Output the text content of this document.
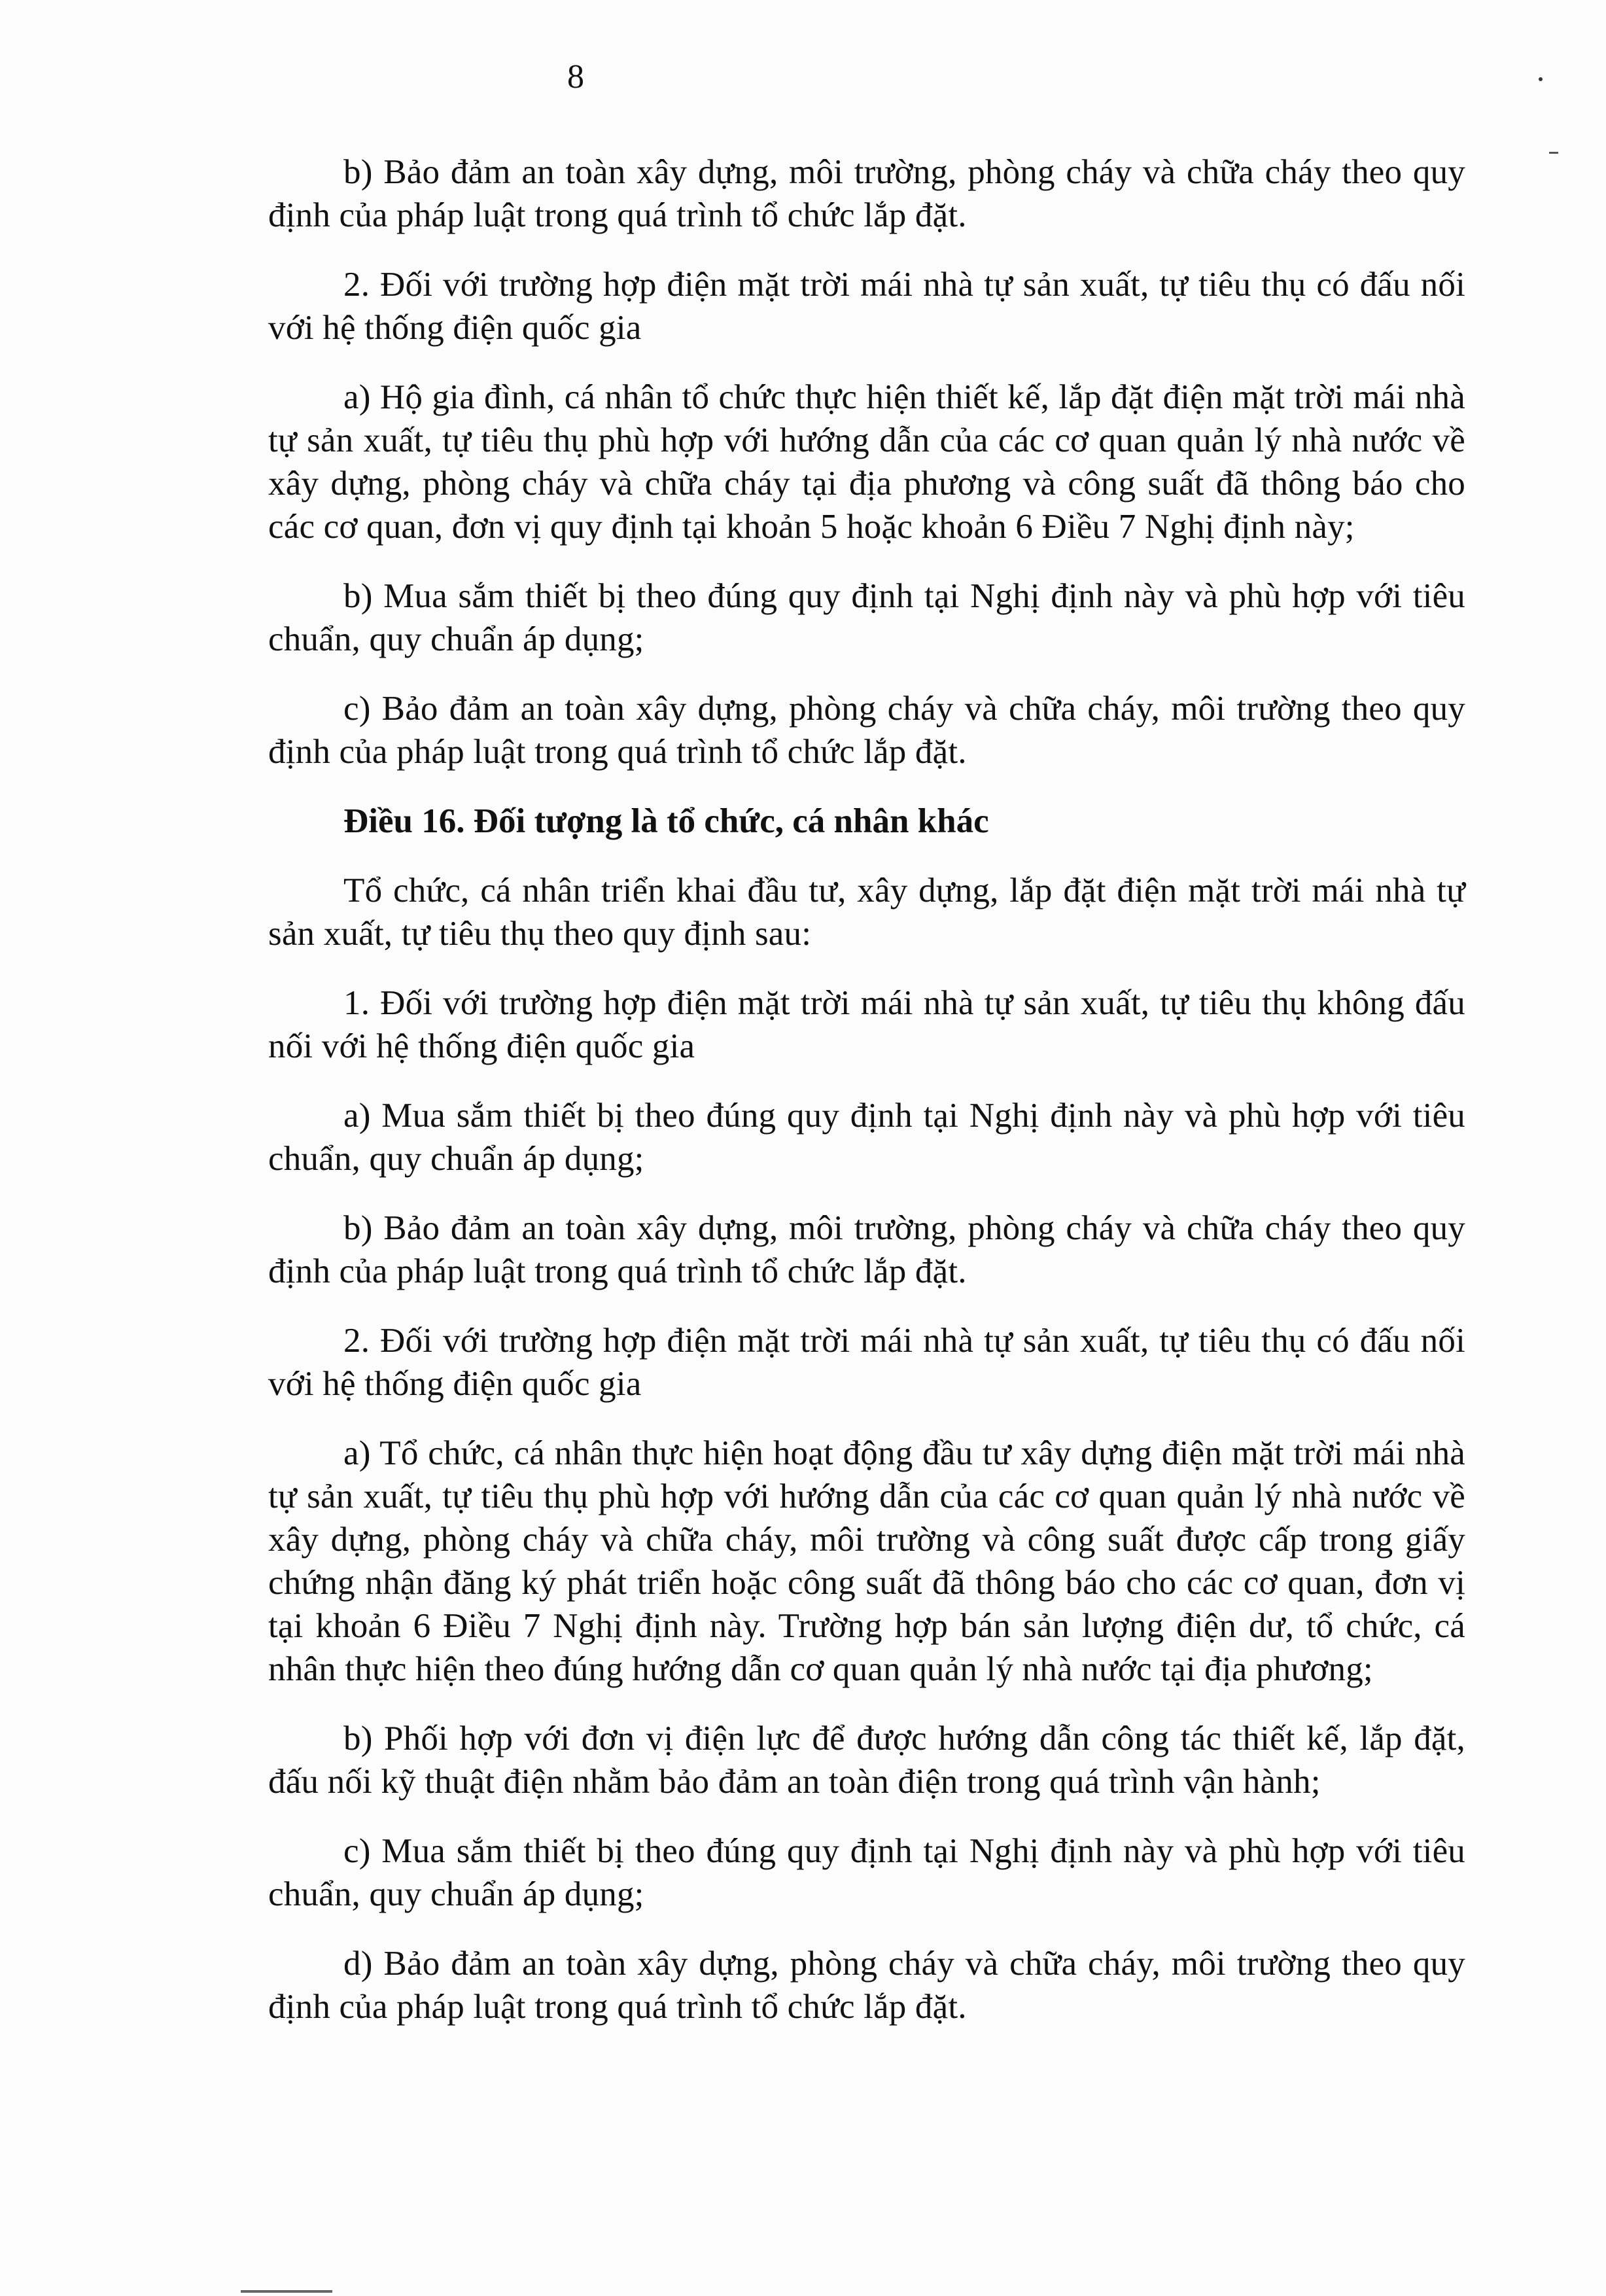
8

b) Bảo đảm an toàn xây dựng, môi trường, phòng cháy và chữa cháy theo quy định của pháp luật trong quá trình tổ chức lắp đặt.

2. Đối với trường hợp điện mặt trời mái nhà tự sản xuất, tự tiêu thụ có đấu nối với hệ thống điện quốc gia

a) Hộ gia đình, cá nhân tổ chức thực hiện thiết kế, lắp đặt điện mặt trời mái nhà tự sản xuất, tự tiêu thụ phù hợp với hướng dẫn của các cơ quan quản lý nhà nước về xây dựng, phòng cháy và chữa cháy tại địa phương và công suất đã thông báo cho các cơ quan, đơn vị quy định tại khoản 5 hoặc khoản 6 Điều 7 Nghị định này;

b) Mua sắm thiết bị theo đúng quy định tại Nghị định này và phù hợp với tiêu chuẩn, quy chuẩn áp dụng;

c) Bảo đảm an toàn xây dựng, phòng cháy và chữa cháy, môi trường theo quy định của pháp luật trong quá trình tổ chức lắp đặt.

Điều 16. Đối tượng là tổ chức, cá nhân khác

Tổ chức, cá nhân triển khai đầu tư, xây dựng, lắp đặt điện mặt trời mái nhà tự sản xuất, tự tiêu thụ theo quy định sau:

1. Đối với trường hợp điện mặt trời mái nhà tự sản xuất, tự tiêu thụ không đấu nối với hệ thống điện quốc gia

a) Mua sắm thiết bị theo đúng quy định tại Nghị định này và phù hợp với tiêu chuẩn, quy chuẩn áp dụng;

b) Bảo đảm an toàn xây dựng, môi trường, phòng cháy và chữa cháy theo quy định của pháp luật trong quá trình tổ chức lắp đặt.

2. Đối với trường hợp điện mặt trời mái nhà tự sản xuất, tự tiêu thụ có đấu nối với hệ thống điện quốc gia

a) Tổ chức, cá nhân thực hiện hoạt động đầu tư xây dựng điện mặt trời mái nhà tự sản xuất, tự tiêu thụ phù hợp với hướng dẫn của các cơ quan quản lý nhà nước về xây dựng, phòng cháy và chữa cháy, môi trường và công suất được cấp trong giấy chứng nhận đăng ký phát triển hoặc công suất đã thông báo cho các cơ quan, đơn vị tại khoản 6 Điều 7 Nghị định này. Trường hợp bán sản lượng điện dư, tổ chức, cá nhân thực hiện theo đúng hướng dẫn cơ quan quản lý nhà nước tại địa phương;

b) Phối hợp với đơn vị điện lực để được hướng dẫn công tác thiết kế, lắp đặt, đấu nối kỹ thuật điện nhằm bảo đảm an toàn điện trong quá trình vận hành;

c) Mua sắm thiết bị theo đúng quy định tại Nghị định này và phù hợp với tiêu chuẩn, quy chuẩn áp dụng;

d) Bảo đảm an toàn xây dựng, phòng cháy và chữa cháy, môi trường theo quy định của pháp luật trong quá trình tổ chức lắp đặt.
